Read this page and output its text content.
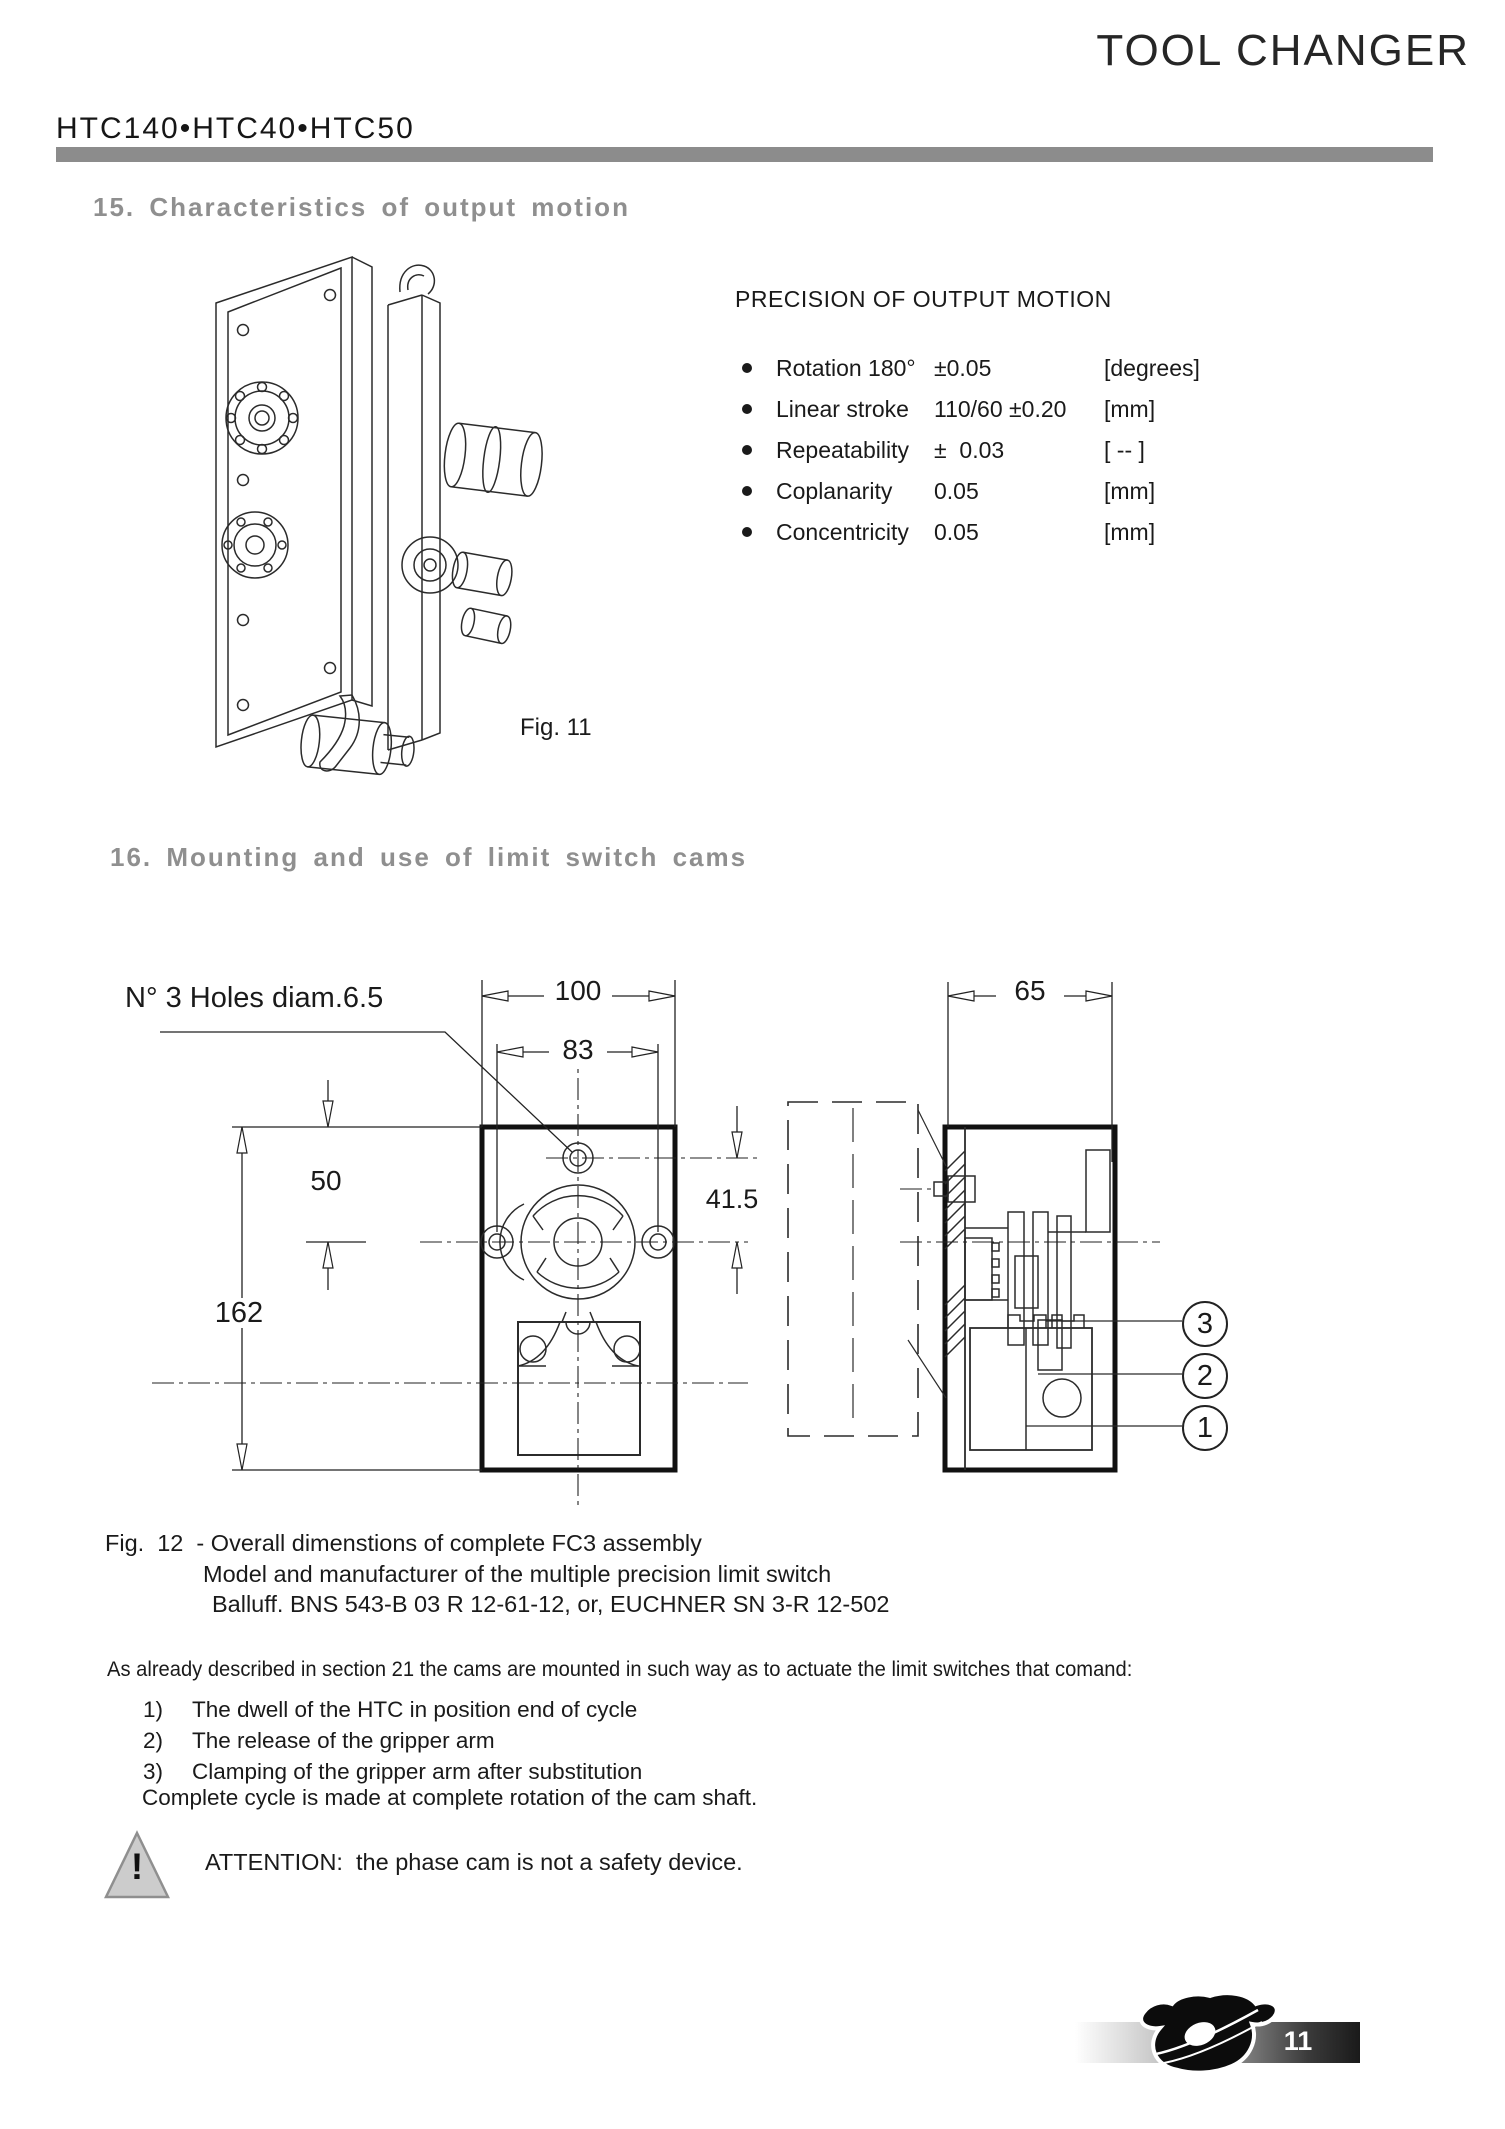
TOOL CHANGER
HTC140•HTC40•HTC50
15. Characteristics of output motion
PRECISION OF OUTPUT MOTION
Rotation 180° ±0.05	[degrees]
Linear stroke	110/60 ±0.20	[mm]
Repeatability	±  0.03	[ -- ]
Coplanarity	0.05	[mm]
Concentricity	0.05	[mm]
Fig. 11
16. Mounting and use of limit switch cams
N° 3 Holes diam.6.5	100
83
65
50
162
41.5
3
2
1
Fig.  12  - Overall dimenstions of complete FC3 assembly
Model and manufacturer of the multiple precision limit switch
Balluff. BNS 543-B 03 R 12-61-12, or, EUCHNER SN 3-R 12-502
As already described in section 21 the cams are mounted in such way as to actuate the limit switches that comand:
1) The dwell of the HTC in position end of cycle
2) The release of the gripper arm
3) Clamping of the gripper arm after substitution
Complete cycle is made at complete rotation of the cam shaft.
!	ATTENTION:  the phase cam is not a safety device.
11
